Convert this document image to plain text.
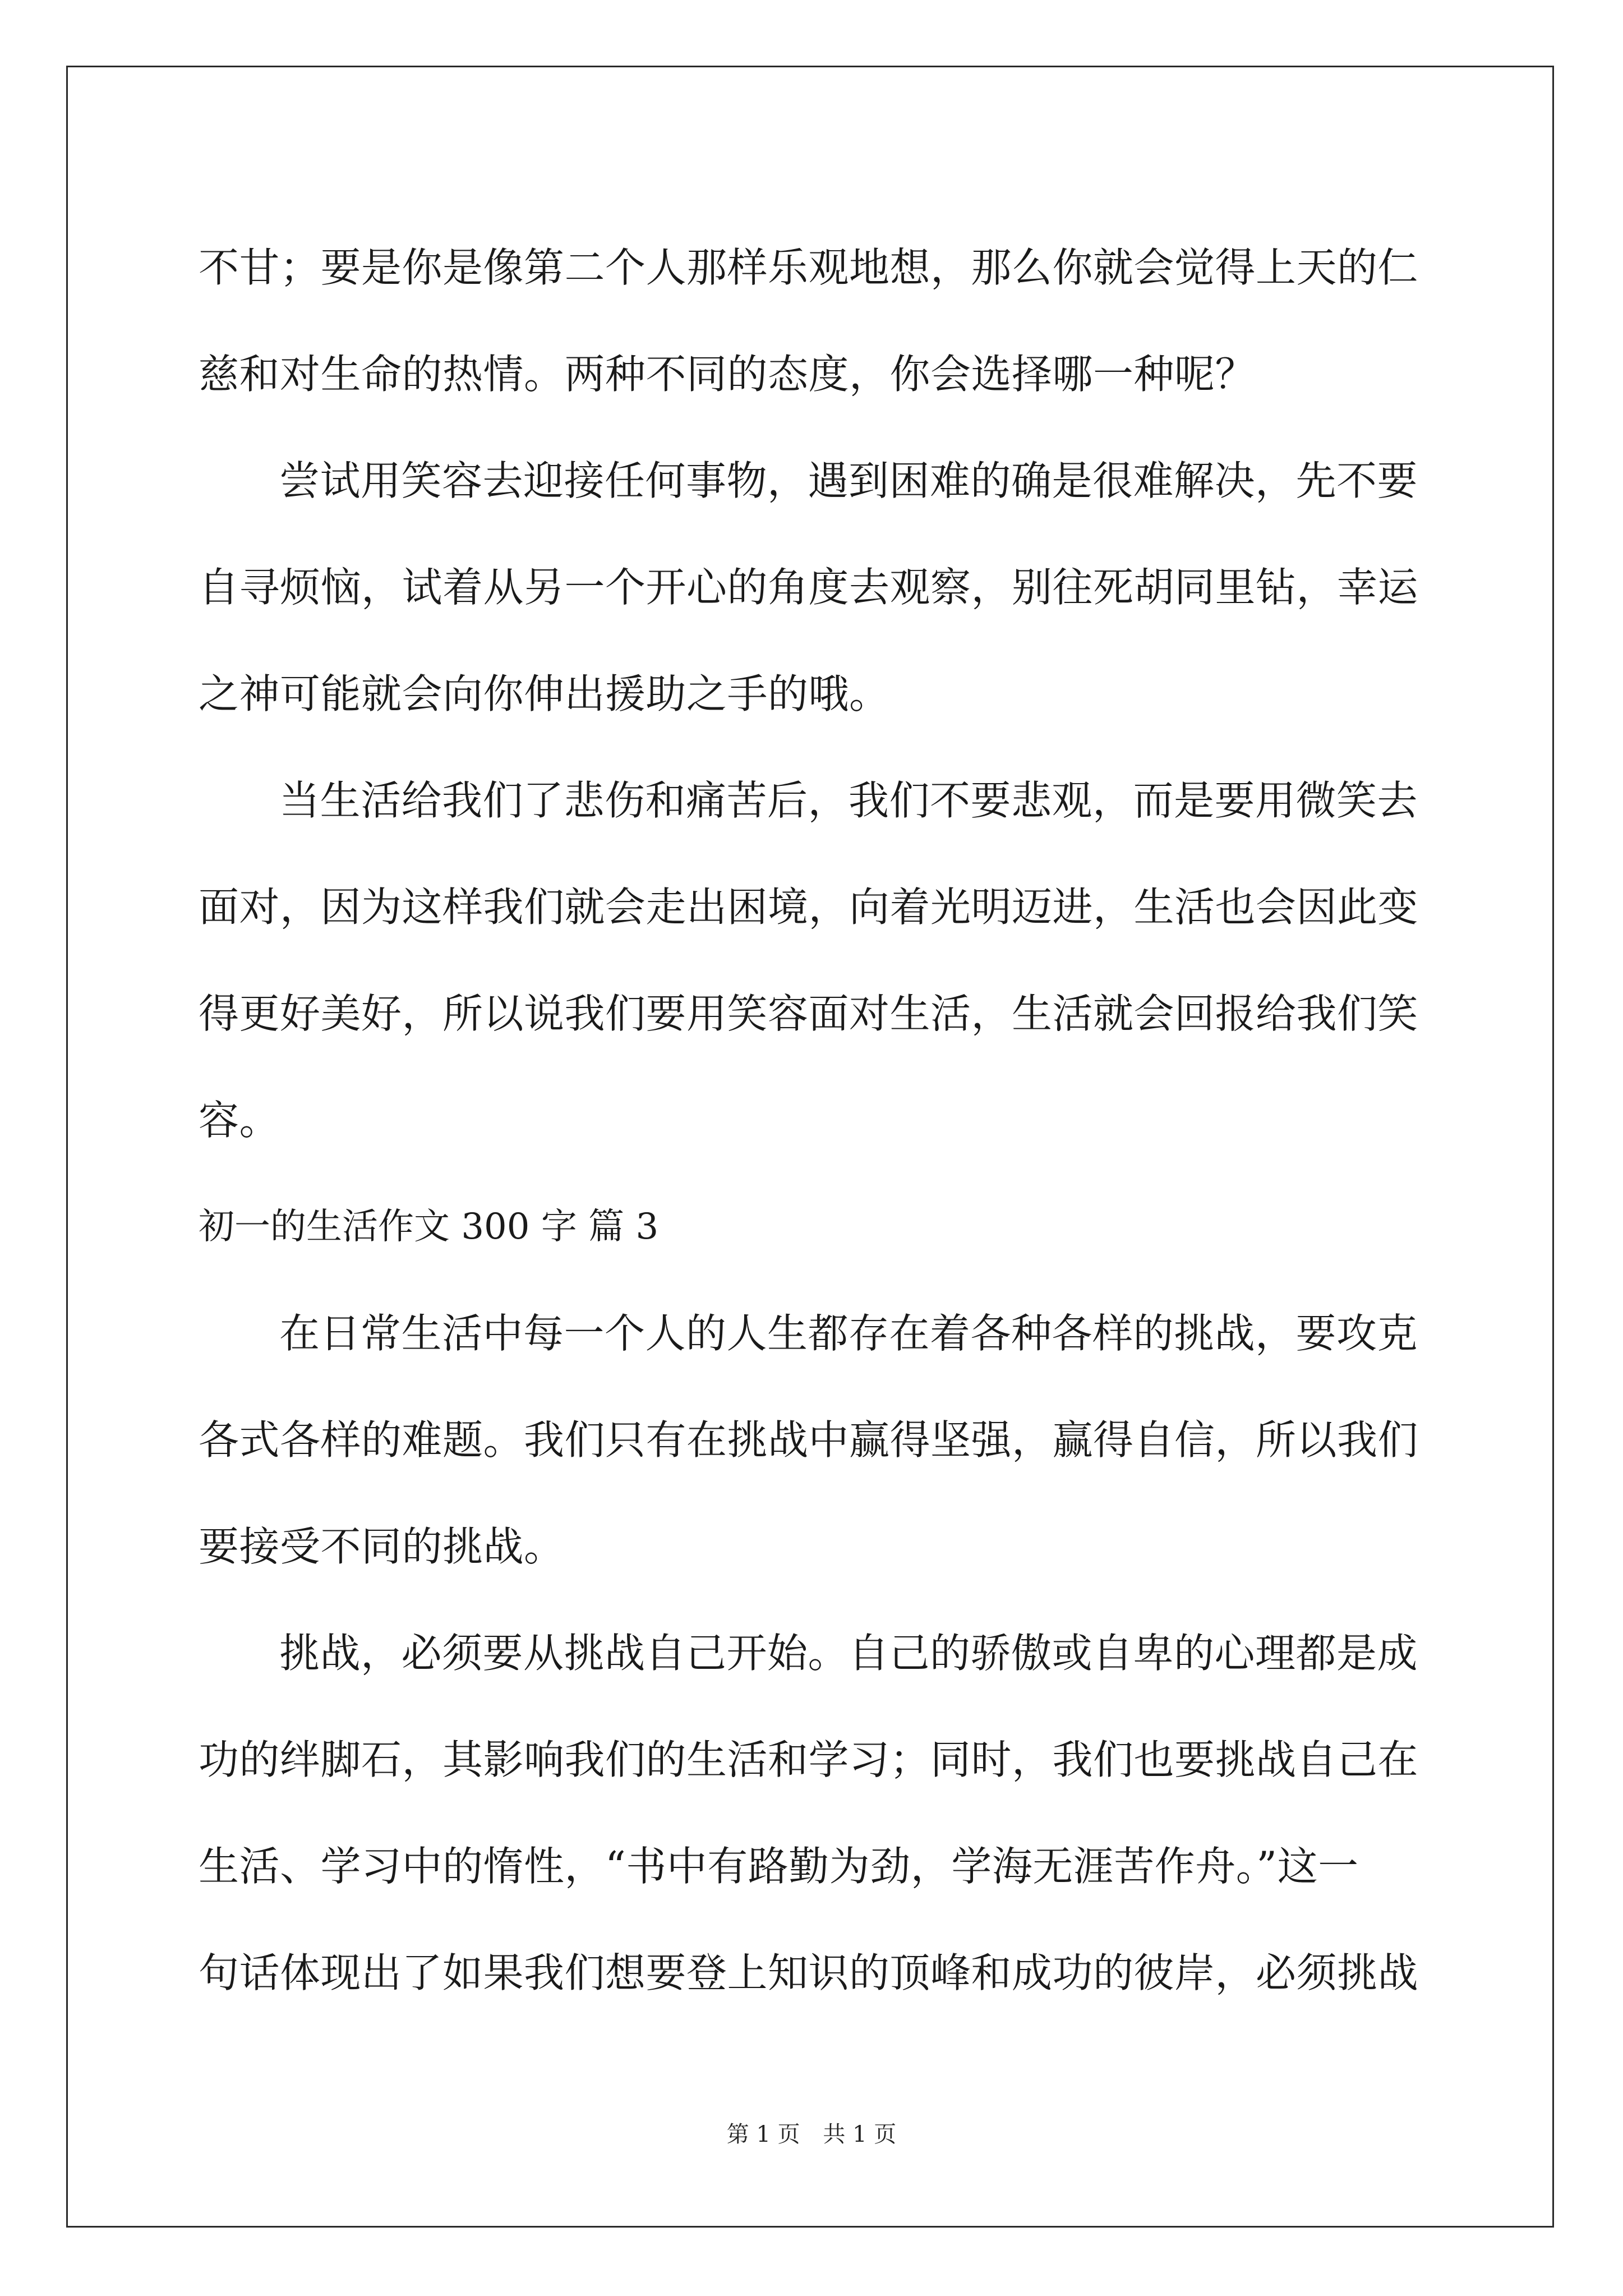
不甘；要是你是像第二个人那样乐观地想，那么你就会觉得上天的仁
慈和对生命的热情。两种不同的态度，你会选择哪一种呢？

尝试用笑容去迎接任何事物，遇到困难的确是很难解决，先不要
自寻烦恼，试着从另一个开心的角度去观察，别往死胡同里钻，幸运
之神可能就会向你伸出援助之手的哦。

当生活给我们了悲伤和痛苦后，我们不要悲观，而是要用微笑去
面对，因为这样我们就会走出困境，向着光明迈进，生活也会因此变
得更好美好，所以说我们要用笑容面对生活，生活就会回报给我们笑
容。

初一的生活作文 300 字 篇 3

在日常生活中每一个人的人生都存在着各种各样的挑战，要攻克
各式各样的难题。我们只有在挑战中赢得坚强，赢得自信，所以我们
要接受不同的挑战。

挑战，必须要从挑战自己开始。自己的骄傲或自卑的心理都是成
功的绊脚石，其影响我们的生活和学习；同时，我们也要挑战自己在
生活、学习中的惰性，“书中有路勤为劲，学海无涯苦作舟。”这一
句话体现出了如果我们想要登上知识的顶峰和成功的彼岸，必须挑战

第 1 页 共 1 页
